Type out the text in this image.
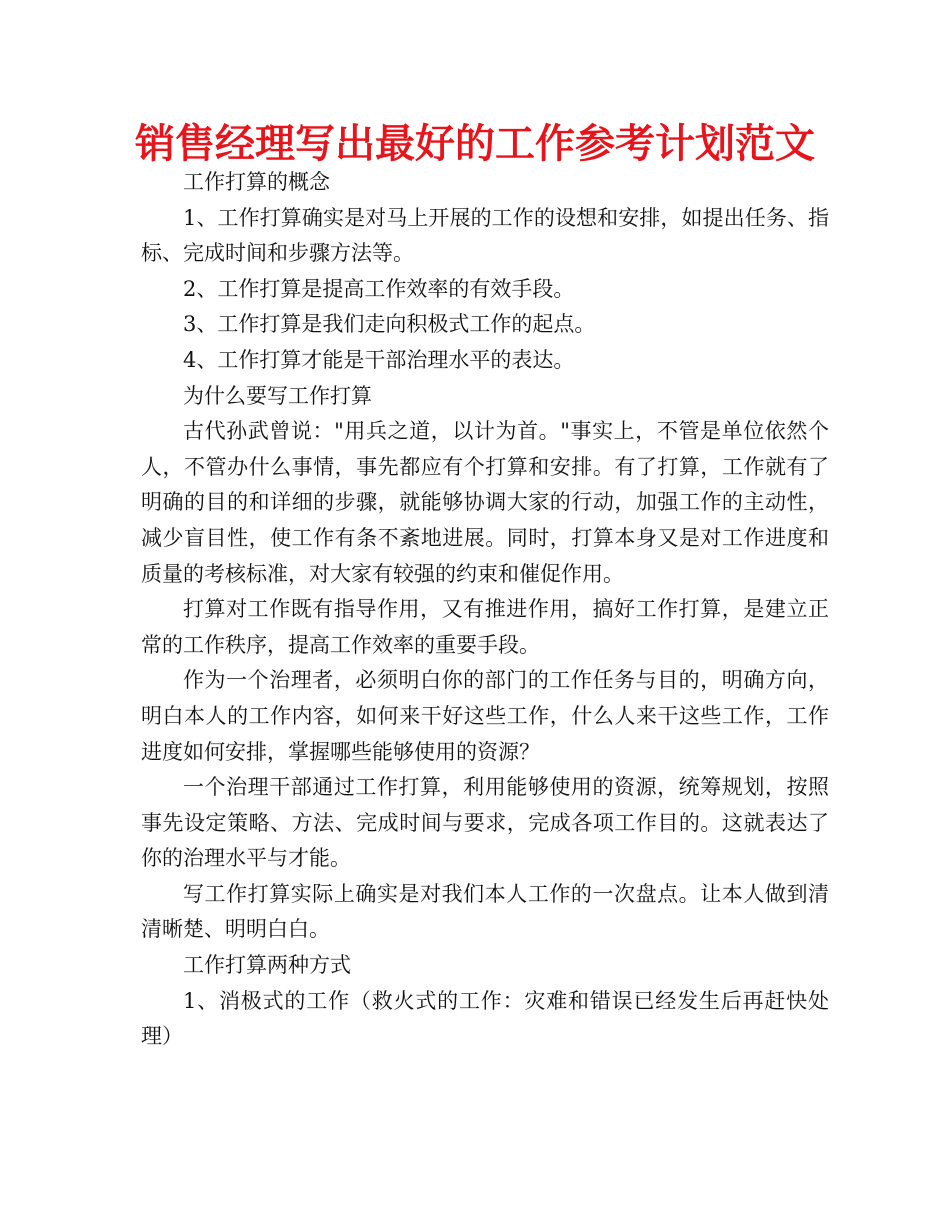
销售经理写出最好的工作参考计划范文

工作打算的概念

1、工作打算确实是对马上开展的工作的设想和安排，如提出任务、指标、完成时间和步骤方法等。

2、工作打算是提高工作效率的有效手段。

3、工作打算是我们走向积极式工作的起点。

4、工作打算才能是干部治理水平的表达。

为什么要写工作打算

古代孙武曾说："用兵之道，以计为首。"事实上，不管是单位依然个人，不管办什么事情，事先都应有个打算和安排。有了打算，工作就有了明确的目的和详细的步骤，就能够协调大家的行动，加强工作的主动性，减少盲目性，使工作有条不紊地进展。同时，打算本身又是对工作进度和质量的考核标准，对大家有较强的约束和催促作用。

打算对工作既有指导作用，又有推进作用，搞好工作打算，是建立正常的工作秩序，提高工作效率的重要手段。

作为一个治理者，必须明白你的部门的工作任务与目的，明确方向，明白本人的工作内容，如何来干好这些工作，什么人来干这些工作，工作进度如何安排，掌握哪些能够使用的资源？

一个治理干部通过工作打算，利用能够使用的资源，统筹规划，按照事先设定策略、方法、完成时间与要求，完成各项工作目的。这就表达了你的治理水平与才能。

写工作打算实际上确实是对我们本人工作的一次盘点。让本人做到清清晰楚、明明白白。

工作打算两种方式

1、消极式的工作（救火式的工作：灾难和错误已经发生后再赶快处理）
